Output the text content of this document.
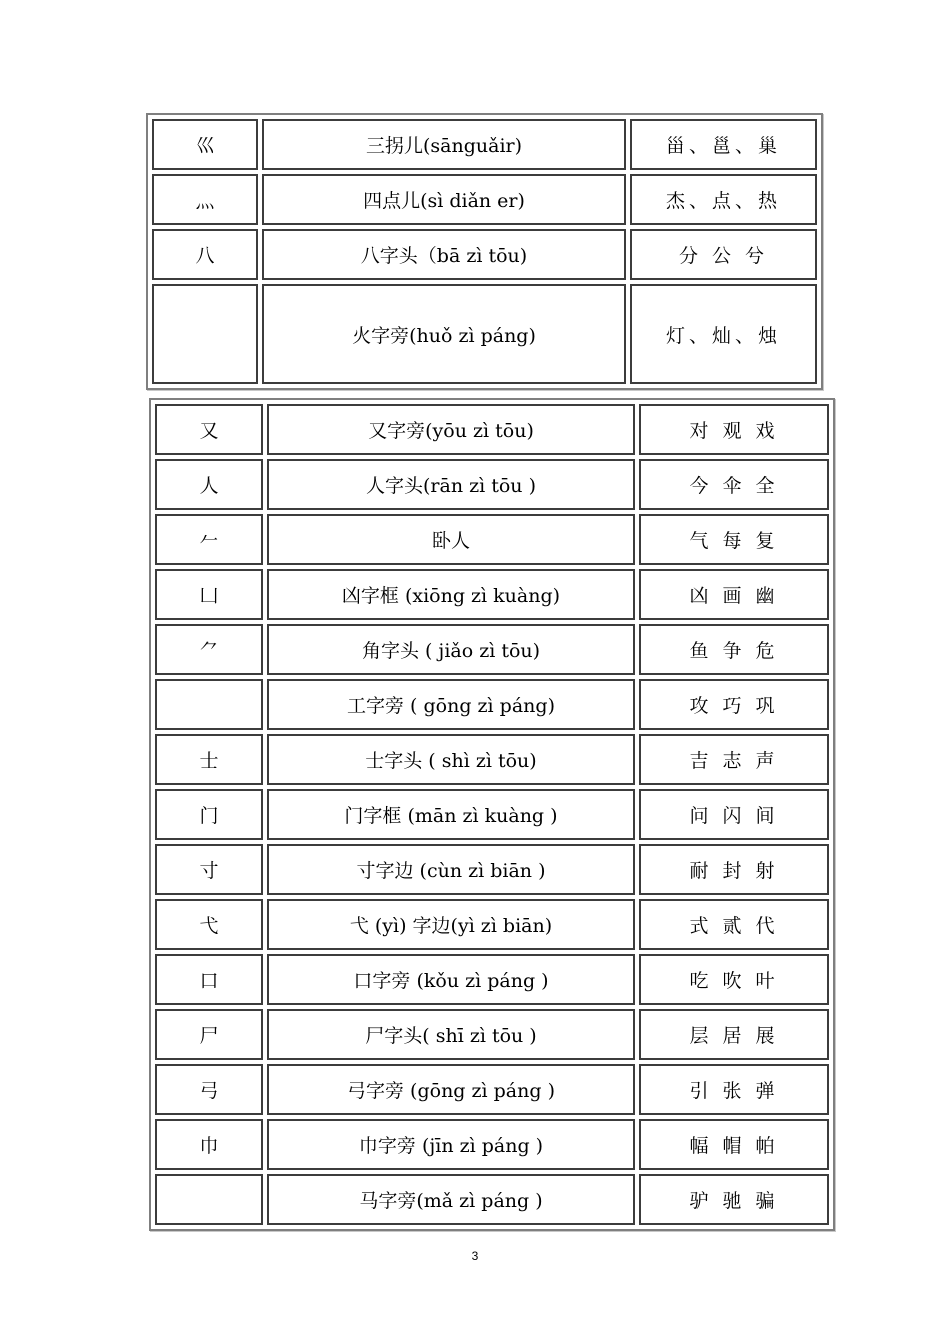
巛	三拐儿(sānguǎir)	甾、邕、巢
灬	四点儿(sì diǎn er)	杰、点、热
八	八字头（bā zì tōu)	分 公 兮
	火字旁(huǒ zì páng)	灯、灿、烛
又	又字旁(yōu zì tōu)	对 观 戏
人	人字头(rān zì tōu )	今 伞 全
𠂉	卧人	气 每 复
凵	凶字框 (xiōng zì kuàng)	凶 画 幽
⺈	角字头 ( jiǎo zì tōu)	鱼 争 危
	工字旁 ( gōng zì páng)	攻 巧 巩
士	士字头 ( shì zì tōu)	吉 志 声
门	门字框 (mān zì kuàng )	问 闪 间
寸	寸字边 (cùn zì biān )	耐 封 射
弋	弋 (yì) 字边(yì zì biān)	式 贰 代
口	口字旁 (kǒu zì páng )	吃 吹 叶
尸	尸字头( shī zì tōu )	层 居 展
弓	弓字旁 (gōng zì páng )	引 张 弹
巾	巾字旁 (jīn zì páng )	幅 帽 帕
	马字旁(mǎ zì páng )	驴 驰 骗
3
